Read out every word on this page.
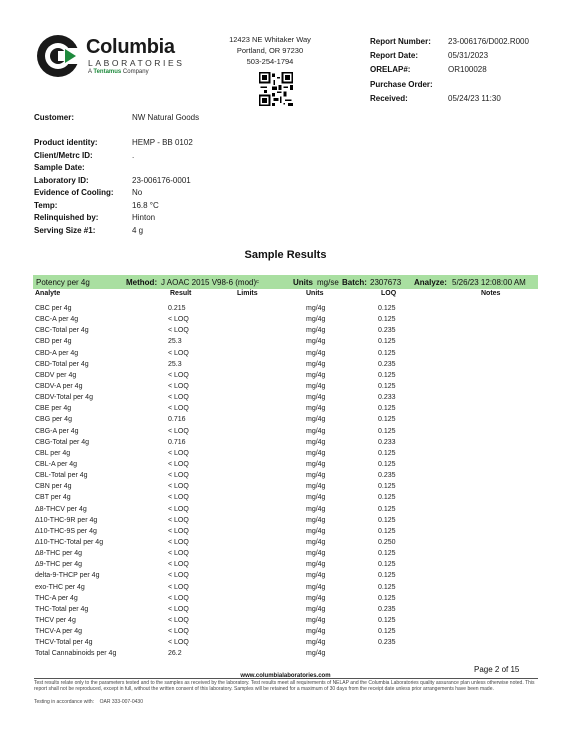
Columbia
LABORATORIES
A Tentamus Company
12423 NE Whitaker Way
Portland, OR 97230
503-254-1794
Report Number:	23-006176/D002.R000
Report Date:	05/31/2023
ORELAP#:	OR100028
Purchase Order:
Received:	05/24/23 11:30
Customer:	NW Natural Goods
Product identity:	HEMP - BB 0102
Client/Metrc ID:	.
Sample Date:
Laboratory ID:	23-006176-0001
Evidence of Cooling:	No
Temp:	16.8 °C
Relinquished by:	Hinton
Serving Size #1:	4 g
Sample Results
Potency per 4g	Method: J AOAC 2015 V98-6 (mod)ᶜ	Units mg/se Batch: 2307673 Analyze: 5/26/23 12:08:00 AM
Analyte	Result	Limits	Units	LOQ	Notes
CBC per 4g	0.215	mg/4g	0.125
CBC-A per 4g	< LOQ	mg/4g	0.125
CBC-Total per 4g	< LOQ	mg/4g	0.235
CBD per 4g	25.3	mg/4g	0.125
CBD-A per 4g	< LOQ	mg/4g	0.125
CBD-Total per 4g	25.3	mg/4g	0.235
CBDV per 4g	< LOQ	mg/4g	0.125
CBDV-A per 4g	< LOQ	mg/4g	0.125
CBDV-Total per 4g	< LOQ	mg/4g	0.233
CBE per 4g	< LOQ	mg/4g	0.125
CBG per 4g	0.716	mg/4g	0.125
CBG-A per 4g	< LOQ	mg/4g	0.125
CBG-Total per 4g	0.716	mg/4g	0.233
CBL per 4g	< LOQ	mg/4g	0.125
CBL-A per 4g	< LOQ	mg/4g	0.125
CBL-Total per 4g	< LOQ	mg/4g	0.235
CBN per 4g	< LOQ	mg/4g	0.125
CBT per 4g	< LOQ	mg/4g	0.125
Δ8-THCV per 4g	< LOQ	mg/4g	0.125
Δ10-THC-9R per 4g	< LOQ	mg/4g	0.125
Δ10-THC-9S per 4g	< LOQ	mg/4g	0.125
Δ10-THC-Total per 4g	< LOQ	mg/4g	0.250
Δ8-THC per 4g	< LOQ	mg/4g	0.125
Δ9-THC per 4g	< LOQ	mg/4g	0.125
delta-9-THCP per 4g	< LOQ	mg/4g	0.125
exo-THC per 4g	< LOQ	mg/4g	0.125
THC-A per 4g	< LOQ	mg/4g	0.125
THC-Total per 4g	< LOQ	mg/4g	0.235
THCV per 4g	< LOQ	mg/4g	0.125
THCV-A per 4g	< LOQ	mg/4g	0.125
THCV-Total per 4g	< LOQ	mg/4g	0.235
Total Cannabinoids per 4g	26.2	mg/4g
Page 2 of 15
www.columbialaboratories.com
Test results relate only to the parameters tested and to the samples as received by the laboratory. Test results meet all requirements of NELAP and the Columbia Laboratories quality assurance plan unless otherwise noted. This report shall not be reproduced, except in full, without the written consent of this laboratory. Samples will be retained for a maximum of 30 days from the receipt date unless prior arrangements have been made.
Testing in accordance with: OAR 333-007-0430
